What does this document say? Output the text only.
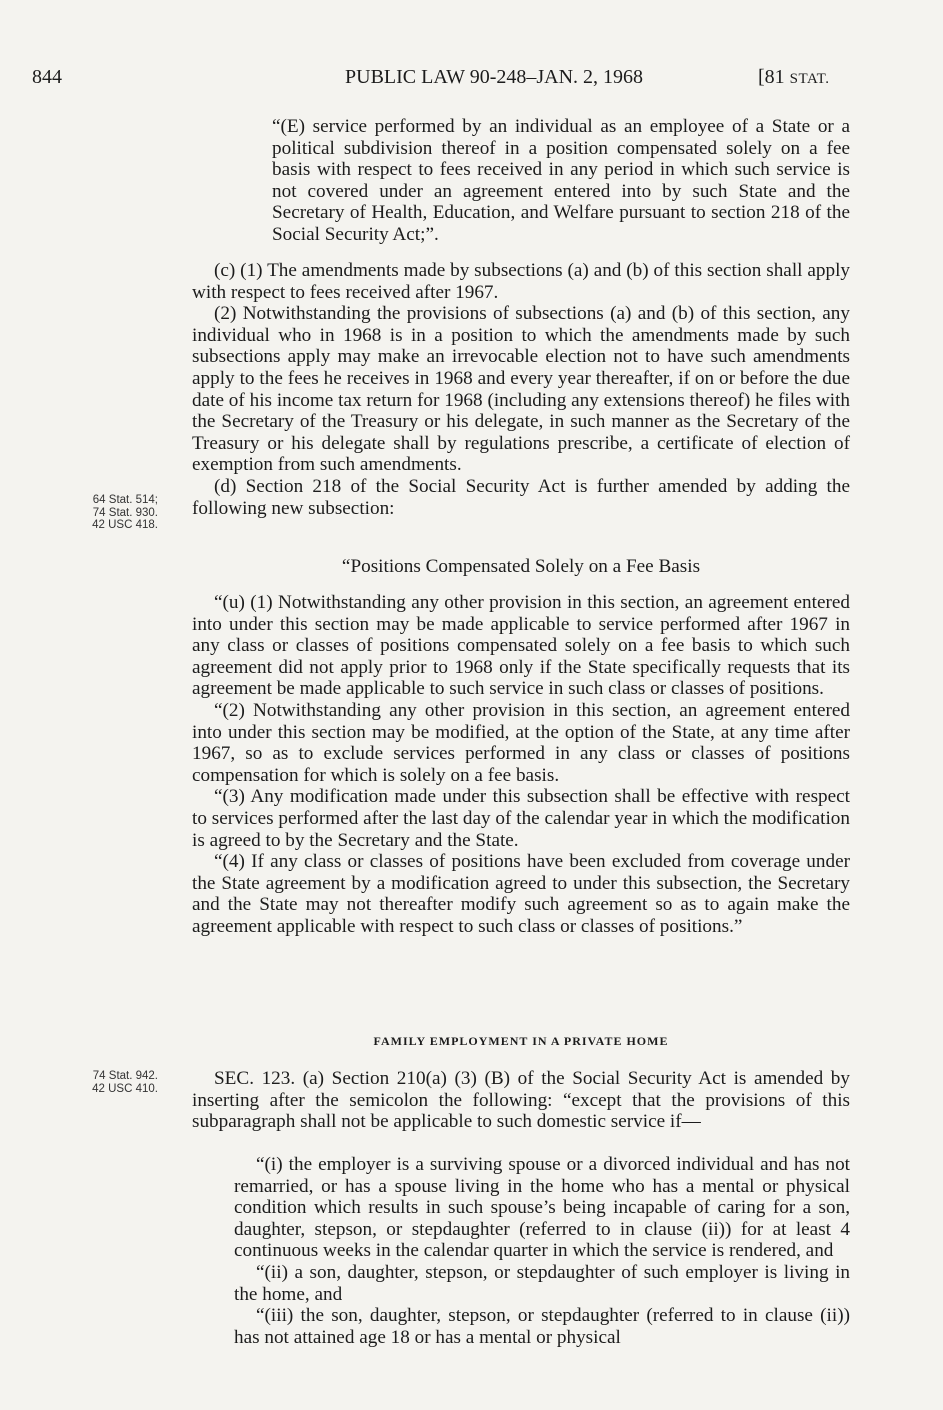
844	PUBLIC LAW 90-248–JAN. 2, 1968	[81 STAT.

“(E) service performed by an individual as an employee of a State or a political subdivision thereof in a position compensated solely on a fee basis with respect to fees received in any period in which such service is not covered under an agreement entered into by such State and the Secretary of Health, Education, and Welfare pursuant to section 218 of the Social Security Act;”.

(c) (1) The amendments made by subsections (a) and (b) of this section shall apply with respect to fees received after 1967.

(2) Notwithstanding the provisions of subsections (a) and (b) of this section, any individual who in 1968 is in a position to which the amendments made by such subsections apply may make an irrevocable election not to have such amendments apply to the fees he receives in 1968 and every year thereafter, if on or before the due date of his income tax return for 1968 (including any extensions thereof) he files with the Secretary of the Treasury or his delegate, in such manner as the Secretary of the Treasury or his delegate shall by regulations prescribe, a certificate of election of exemption from such amendments.

(d) Section 218 of the Social Security Act is further amended by adding the following new subsection:

64 Stat. 514;
74 Stat. 930.
42 USC 418.
“Positions Compensated Solely on a Fee Basis

“(u) (1) Notwithstanding any other provision in this section, an agreement entered into under this section may be made applicable to service performed after 1967 in any class or classes of positions compensated solely on a fee basis to which such agreement did not apply prior to 1968 only if the State specifically requests that its agreement be made applicable to such service in such class or classes of positions.

“(2) Notwithstanding any other provision in this section, an agreement entered into under this section may be modified, at the option of the State, at any time after 1967, so as to exclude services performed in any class or classes of positions compensation for which is solely on a fee basis.

“(3) Any modification made under this subsection shall be effective with respect to services performed after the last day of the calendar year in which the modification is agreed to by the Secretary and the State.

“(4) If any class or classes of positions have been excluded from coverage under the State agreement by a modification agreed to under this subsection, the Secretary and the State may not thereafter modify such agreement so as to again make the agreement applicable with respect to such class or classes of positions.”

FAMILY EMPLOYMENT IN A PRIVATE HOME
74 Stat. 942.
42 USC 410.	SEC. 123. (a) Section 210(a) (3) (B) of the Social Security Act is amended by inserting after the semicolon the following: “except that the provisions of this subparagraph shall not be applicable to such domestic service if—

“(i) the employer is a surviving spouse or a divorced individual and has not remarried, or has a spouse living in the home who has a mental or physical condition which results in such spouse’s being incapable of caring for a son, daughter, stepson, or stepdaughter (referred to in clause (ii)) for at least 4 continuous weeks in the calendar quarter in which the service is rendered, and

“(ii) a son, daughter, stepson, or stepdaughter of such employer is living in the home, and

“(iii) the son, daughter, stepson, or stepdaughter (referred to in clause (ii)) has not attained age 18 or has a mental or physical
